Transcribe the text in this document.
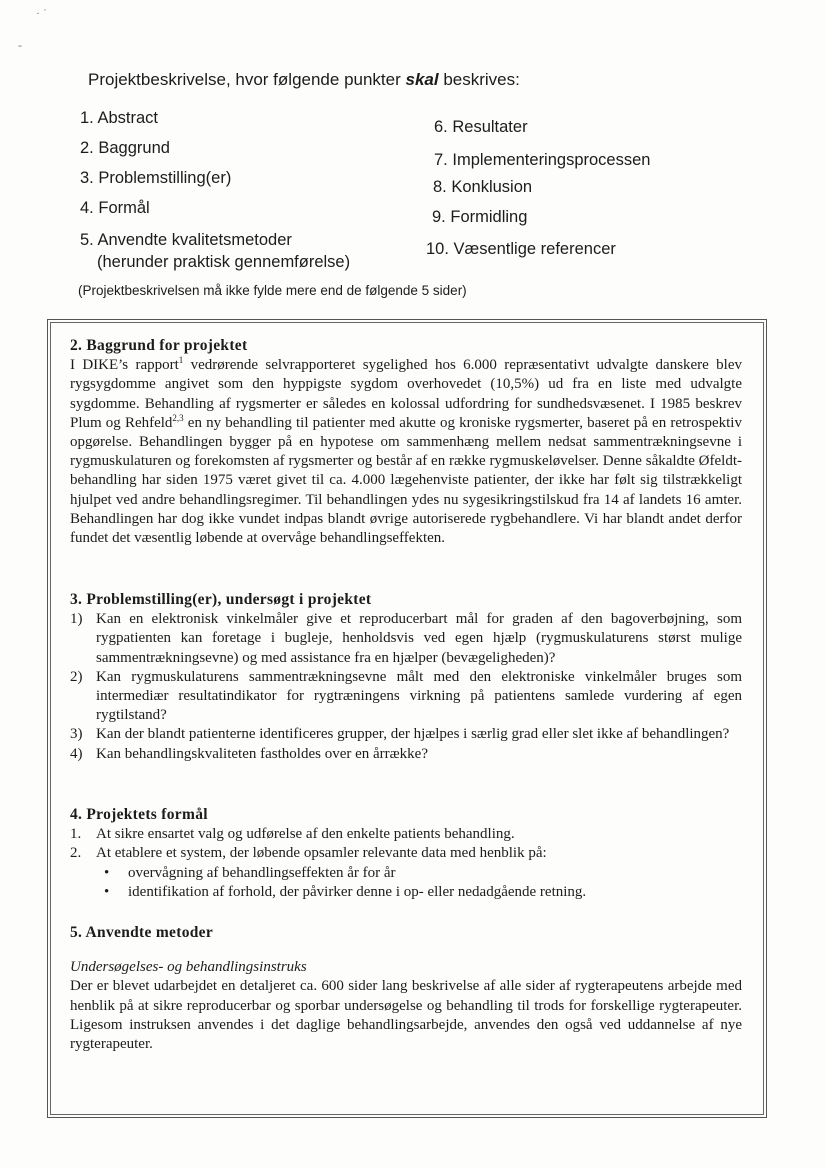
· ˙
‑
Projektbeskrivelse, hvor følgende punkter skal beskrives:
1. Abstract
2. Baggrund
3. Problemstilling(er)
4. Formål
5. Anvendte kvalitetsmetoder
(herunder praktisk gennemførelse)
6. Resultater
7. Implementeringsprocessen
8. Konklusion
9. Formidling
10. Væsentlige referencer
(Projektbeskrivelsen må ikke fylde mere end de følgende 5 sider)
2. Baggrund for projektet

I DIKE’s rapport$^1$ vedrørende selvrapporteret sygelighed hos 6.000 repræsentativt udvalgte danskere blev rygsygdomme angivet som den hyppigste sygdom overhovedet (10,5%) ud fra en liste med udvalgte sygdomme. Behandling af rygsmerter er således en kolossal udfordring for sundhedsvæsenet. I 1985 beskrev Plum og Rehfeld$^{2,3}$ en ny behandling til patienter med akutte og kroniske rygsmerter, baseret på en retrospektiv opgørelse. Behandlingen bygger på en hypotese om sammenhæng mellem nedsat sammentrækningsevne i rygmuskulaturen og forekomsten af rygsmerter og består af en række rygmuskeløvelser. Denne såkaldte Øfeldt-behandling har siden 1975 været givet til ca. 4.000 lægehenviste patienter, der ikke har følt sig tilstrækkeligt hjulpet ved andre behandlingsregimer. Til behandlingen ydes nu sygesikringstilskud fra 14 af landets 16 amter. Behandlingen har dog ikke vundet indpas blandt øvrige autoriserede rygbehandlere. Vi har blandt andet derfor fundet det væsentlig løbende at overvåge behandlingseffekten.

3. Problemstilling(er), undersøgt i projektet
1) Kan en elektronisk vinkelmåler give et reproducerbart mål for graden af den bagoverbøjning, som rygpatienten kan foretage i bugleje, henholdsvis ved egen hjælp (rygmuskulaturens størst mulige sammentrækningsevne) og med assistance fra en hjælper (bevægeligheden)?
2) Kan rygmuskulaturens sammentrækningsevne målt med den elektroniske vinkelmåler bruges som intermediær resultatindikator for rygtræningens virkning på patientens samlede vurdering af egen rygtilstand?
3) Kan der blandt patienterne identificeres grupper, der hjælpes i særlig grad eller slet ikke af behandlingen?
4) Kan behandlingskvaliteten fastholdes over en årrække?
4. Projektets formål
1. At sikre ensartet valg og udførelse af den enkelte patients behandling.
2. At etablere et system, der løbende opsamler relevante data med henblik på:
• overvågning af behandlingseffekten år for år
• identifikation af forhold, der påvirker denne i op- eller nedadgående retning.
5. Anvendte metoder
Undersøgelses- og behandlingsinstruks

Der er blevet udarbejdet en detaljeret ca. 600 sider lang beskrivelse af alle sider af rygterapeutens arbejde med henblik på at sikre reproducerbar og sporbar undersøgelse og behandling til trods for forskellige rygterapeuter. Ligesom instruksen anvendes i det daglige behandlingsarbejde, anvendes den også ved uddannelse af nye rygterapeuter.
